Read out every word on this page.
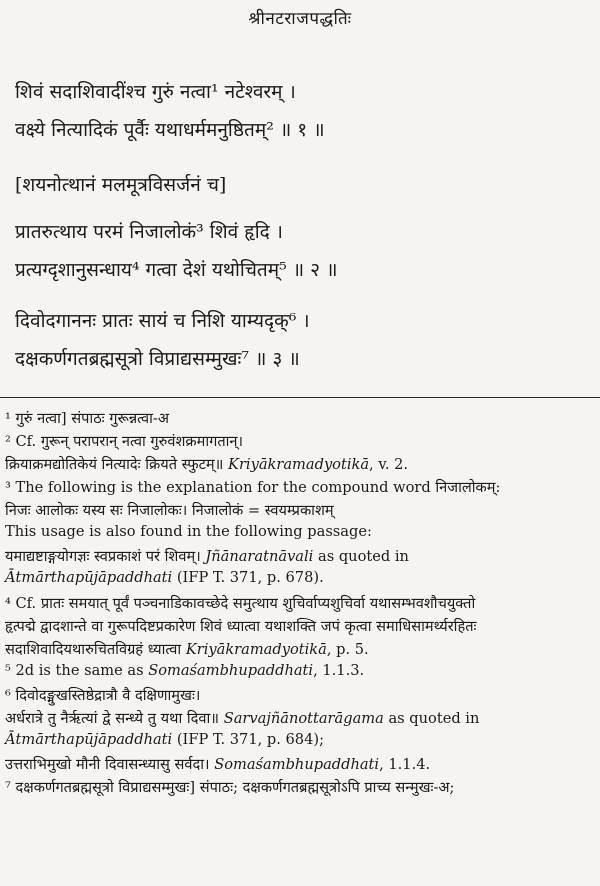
श्रीनटराजपद्धतिः
शिवं सदाशिवादींश्च गुरुं नत्वा¹ नटेश्वरम् ।
वक्ष्ये नित्यादिकं पूर्वैः यथाधर्ममनुष्ठितम्² ॥ १ ॥
[शयनोत्थानं मलमूत्रविसर्जनं च]
प्रातरुत्थाय परमं निजालोकं³ शिवं हृदि ।
प्रत्यग्दृशानुसन्धाय⁴ गत्वा देशं यथोचितम्⁵ ॥ २ ॥
दिवोदगाननः प्रातः सायं च निशि याम्यदृक्⁶ ।
दक्षकर्णगतब्रह्मसूत्रो विप्राद्यसम्मुखः⁷ ॥ ३ ॥
¹ गुरुं नत्वा] संपाठः गुरून्नत्वा-अ
² Cf. गुरून् परापरान् नत्वा गुरुवंशक्रमागतान्।
क्रियाक्रमद्योतिकेयं नित्यादेः क्रियते स्फुटम्॥ Kriyākramadyotikā, v. 2.
³ The following is the explanation for the compound word निजालोकम्:
निजः आलोकः यस्य सः निजालोकः। निजालोकं = स्वयम्प्रकाशम्
This usage is also found in the following passage:
यमाद्यष्टाङ्गयोगज्ञः स्वप्रकाशं परं शिवम्। Jñānaratnāvali as quoted in
Ātmārthapūjāpaddhati (IFP T. 371, p. 678).
⁴ Cf. प्रातः समयात् पूर्वं पञ्चनाडिकावच्छेदे समुत्थाय शुचिर्वाप्यशुचिर्वा यथासम्भवशौचयुक्तो
हृत्पद्मे द्वादशान्ते वा गुरूपदिष्टप्रकारेण शिवं ध्यात्वा यथाशक्ति जपं कृत्वा समाधिसामर्थ्यरहितः
सदाशिवादियथारुचितविग्रहं ध्यात्वा Kriyākramadyotikā, p. 5.
⁵ 2d is the same as Somaśambhupaddhati, 1.1.3.
⁶ दिवोदङ्मुखस्तिष्ठेद्रात्रौ वै दक्षिणामुखः।
अर्धरात्रे तु नैर्ऋत्यां द्वे सन्ध्ये तु यथा दिवा॥ Sarvajñānottarāgama as quoted in
Ātmārthapūjāpaddhati (IFP T. 371, p. 684);
उत्तराभिमुखो मौनी दिवासन्ध्यासु सर्वदा। Somaśambhupaddhati, 1.1.4.
⁷ दक्षकर्णगतब्रह्मसूत्रो विप्राद्यसम्मुखः] संपाठः; दक्षकर्णगतब्रह्मसूत्रोऽपि प्राच्य सन्मुखः-अ;
